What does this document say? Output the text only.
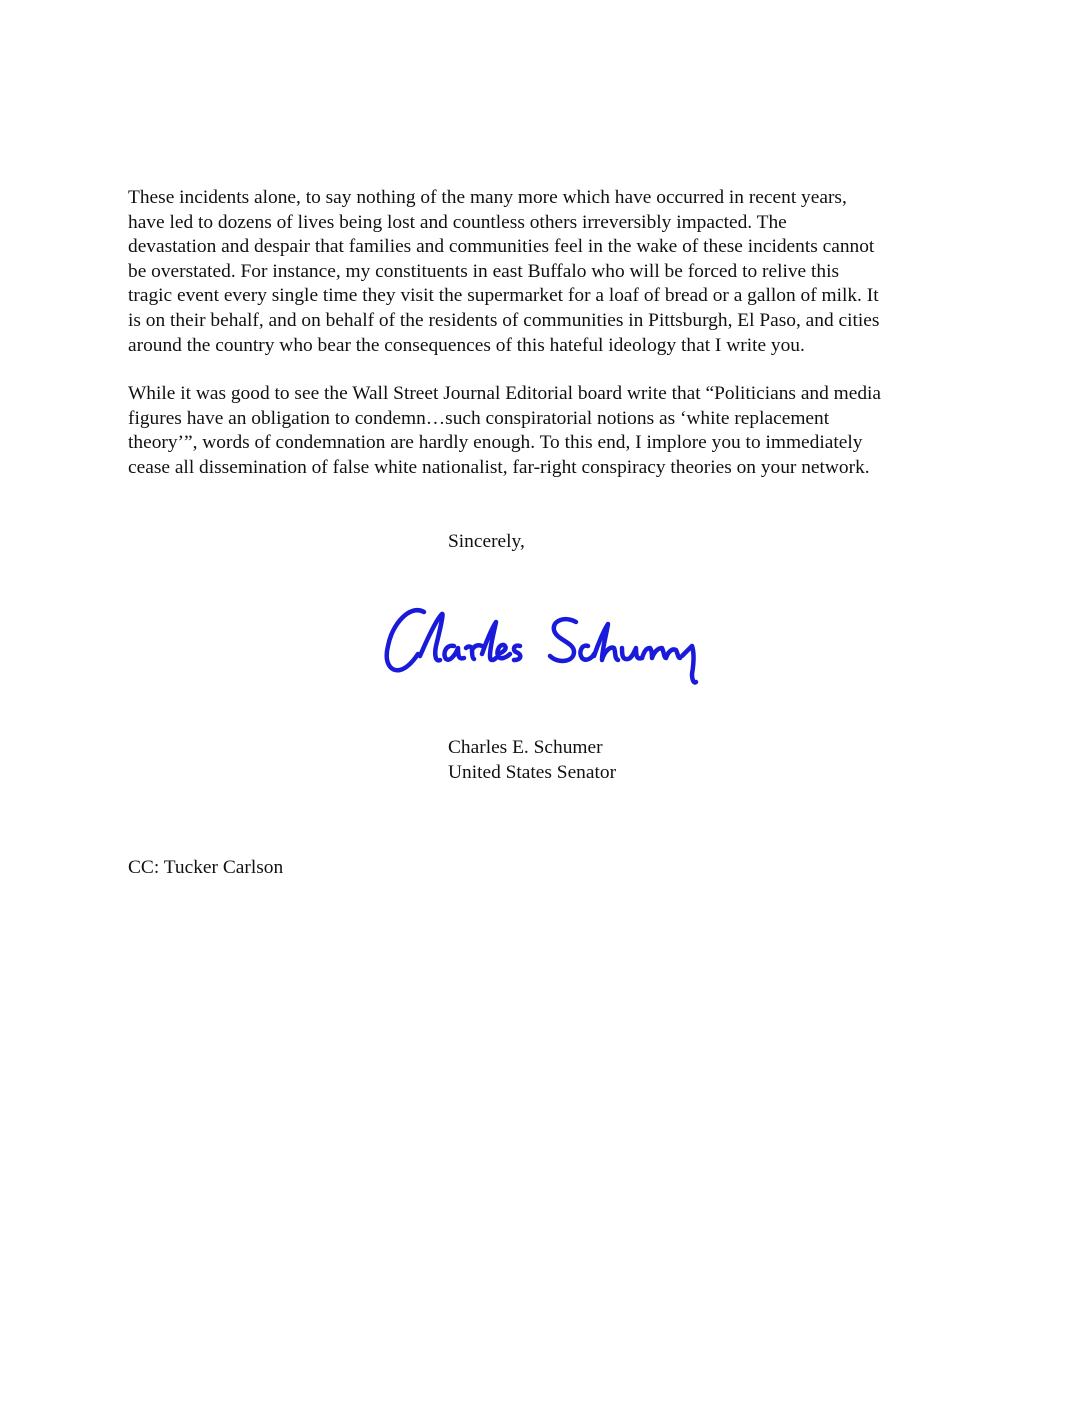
These incidents alone, to say nothing of the many more which have occurred in recent years,
have led to dozens of lives being lost and countless others irreversibly impacted. The
devastation and despair that families and communities feel in the wake of these incidents cannot
be overstated. For instance, my constituents in east Buffalo who will be forced to relive this
tragic event every single time they visit the supermarket for a loaf of bread or a gallon of milk. It
is on their behalf, and on behalf of the residents of communities in Pittsburgh, El Paso, and cities
around the country who bear the consequences of this hateful ideology that I write you.
While it was good to see the Wall Street Journal Editorial board write that “Politicians and media
figures have an obligation to condemn…such conspiratorial notions as ‘white replacement
theory’”, words of condemnation are hardly enough. To this end, I implore you to immediately
cease all dissemination of false white nationalist, far-right conspiracy theories on your network.
Sincerely,
Charles E. Schumer
United States Senator
CC: Tucker Carlson
